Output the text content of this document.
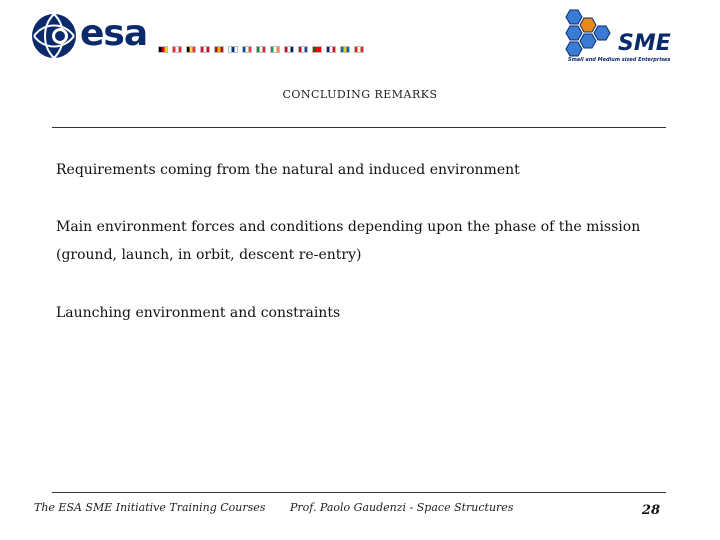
esa	SME
Small and Medium sized Enterprises
CONCLUDING REMARKS
Requirements coming from the natural and induced environment
Main environment forces and conditions depending upon the phase of the mission (ground, launch, in orbit, descent re-entry)
Launching environment and constraints
The ESA SME Initiative Training Courses Prof. Paolo Gaudenzi - Space Structures	28
